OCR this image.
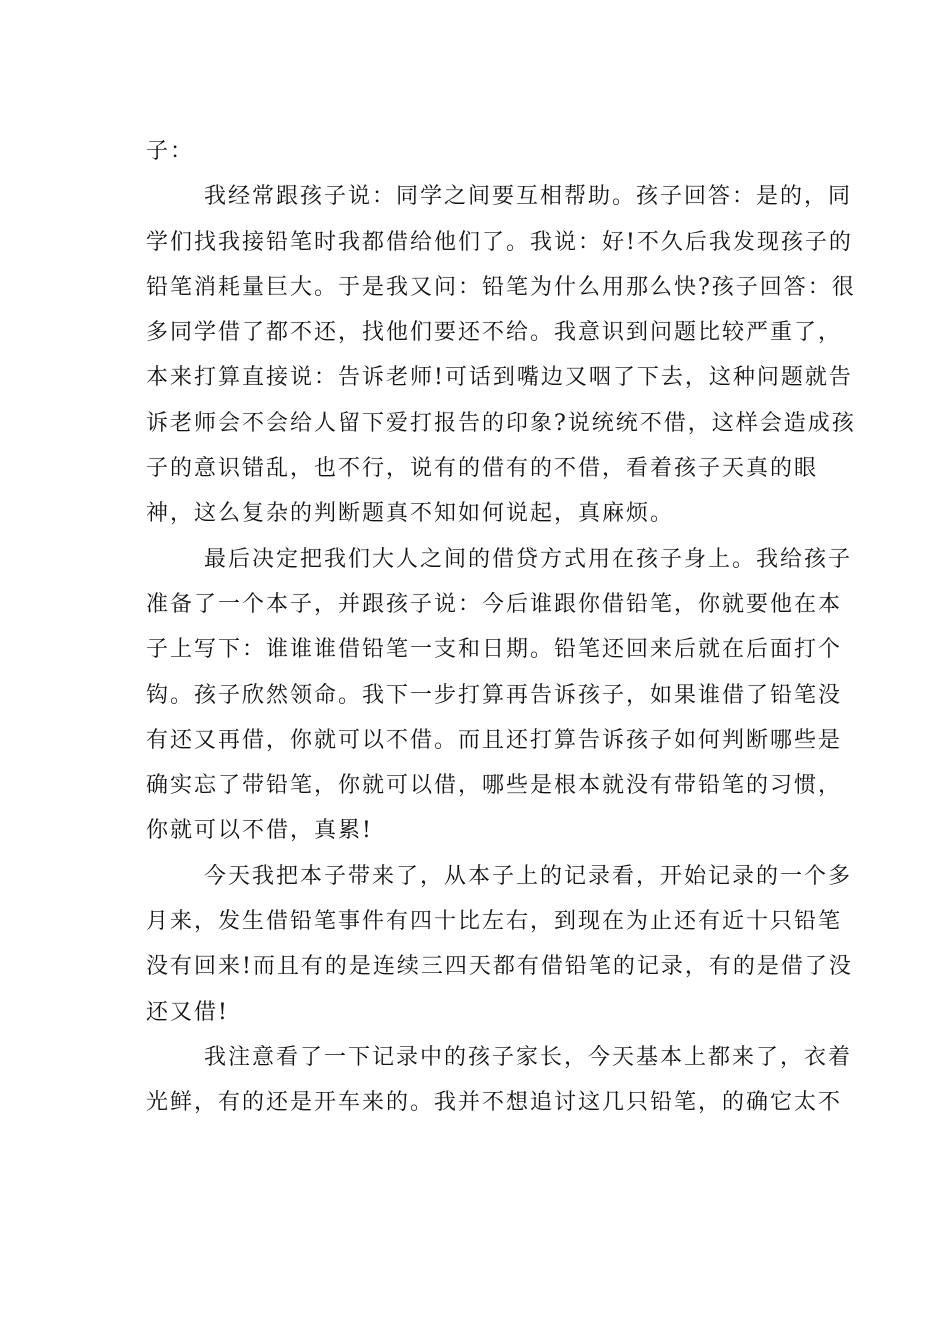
子：
我经常跟孩子说：同学之间要互相帮助。孩子回答：是的，同
学们找我接铅笔时我都借给他们了。我说：好!不久后我发现孩子的
铅笔消耗量巨大。于是我又问：铅笔为什么用那么快?孩子回答：很
多同学借了都不还，找他们要还不给。我意识到问题比较严重了，
本来打算直接说：告诉老师!可话到嘴边又咽了下去，这种问题就告
诉老师会不会给人留下爱打报告的印象?说统统不借，这样会造成孩
子的意识错乱，也不行，说有的借有的不借，看着孩子天真的眼
神，这么复杂的判断题真不知如何说起，真麻烦。
最后决定把我们大人之间的借贷方式用在孩子身上。我给孩子
准备了一个本子，并跟孩子说：今后谁跟你借铅笔，你就要他在本
子上写下：谁谁谁借铅笔一支和日期。铅笔还回来后就在后面打个
钩。孩子欣然领命。我下一步打算再告诉孩子，如果谁借了铅笔没
有还又再借，你就可以不借。而且还打算告诉孩子如何判断哪些是
确实忘了带铅笔，你就可以借，哪些是根本就没有带铅笔的习惯，
你就可以不借，真累!
今天我把本子带来了，从本子上的记录看，开始记录的一个多
月来，发生借铅笔事件有四十比左右，到现在为止还有近十只铅笔
没有回来!而且有的是连续三四天都有借铅笔的记录，有的是借了没
还又借!
我注意看了一下记录中的孩子家长，今天基本上都来了，衣着
光鲜，有的还是开车来的。我并不想追讨这几只铅笔，的确它太不
